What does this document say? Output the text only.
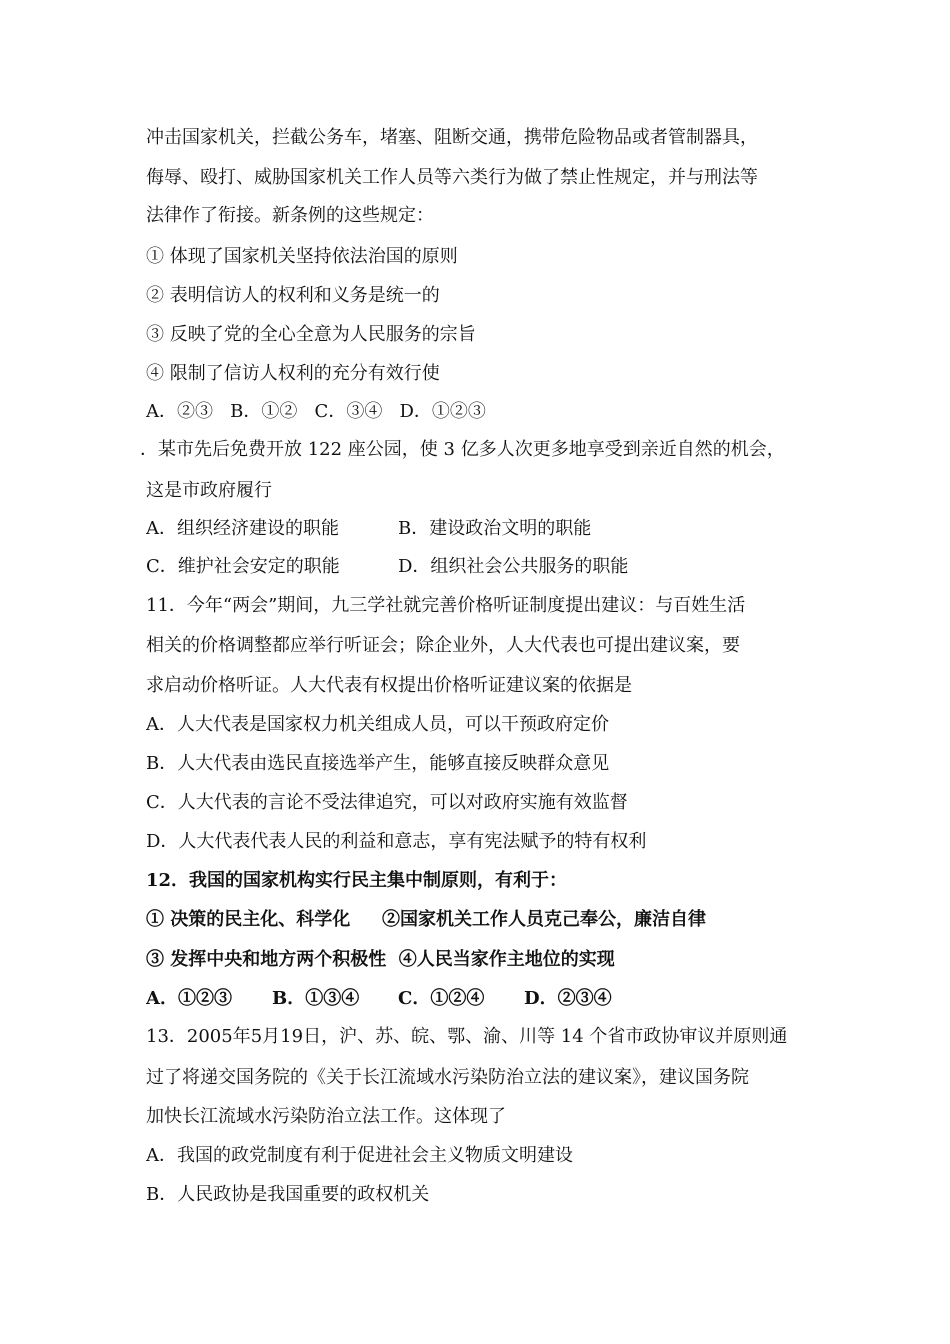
冲击国家机关，拦截公务车，堵塞、阻断交通，携带危险物品或者管制器具，
侮辱、殴打、威胁国家机关工作人员等六类行为做了禁止性规定，并与刑法等
法律作了衔接。新条例的这些规定：
① 体现了国家机关坚持依法治国的原则
② 表明信访人的权利和义务是统一的
③ 反映了党的全心全意为人民服务的宗旨
④ 限制了信访人权利的充分有效行使
A．②③   B．①②   C．③④   D．①②③
．某市先后免费开放 122 座公园，使 3 亿多人次更多地享受到亲近自然的机会，
这是市政府履行
A．组织经济建设的职能	B．建设政治文明的职能
C．维护社会安定的职能	D．组织社会公共服务的职能
11．今年“两会”期间，九三学社就完善价格听证制度提出建议：与百姓生活
相关的价格调整都应举行听证会；除企业外，人大代表也可提出建议案，要
求启动价格听证。人大代表有权提出价格听证建议案的依据是
A．人大代表是国家权力机关组成人员，可以干预政府定价
B．人大代表由选民直接选举产生，能够直接反映群众意见
C．人大代表的言论不受法律追究，可以对政府实施有效监督
D．人大代表代表人民的利益和意志，享有宪法赋予的特有权利
12．我国的国家机构实行民主集中制原则，有利于：
① 决策的民主化、科学化 ②国家机关工作人员克己奉公，廉洁自律
③ 发挥中央和地方两个积极性  ④人民当家作主地位的实现
A．①②③ B．①③④ C．①②④ D．②③④
13．2005年5月19日，沪、苏、皖、鄂、渝、川等 14 个省市政协审议并原则通
过了将递交国务院的《关于长江流域水污染防治立法的建议案》，建议国务院
加快长江流域水污染防治立法工作。这体现了
A．我国的政党制度有利于促进社会主义物质文明建设
B．人民政协是我国重要的政权机关
